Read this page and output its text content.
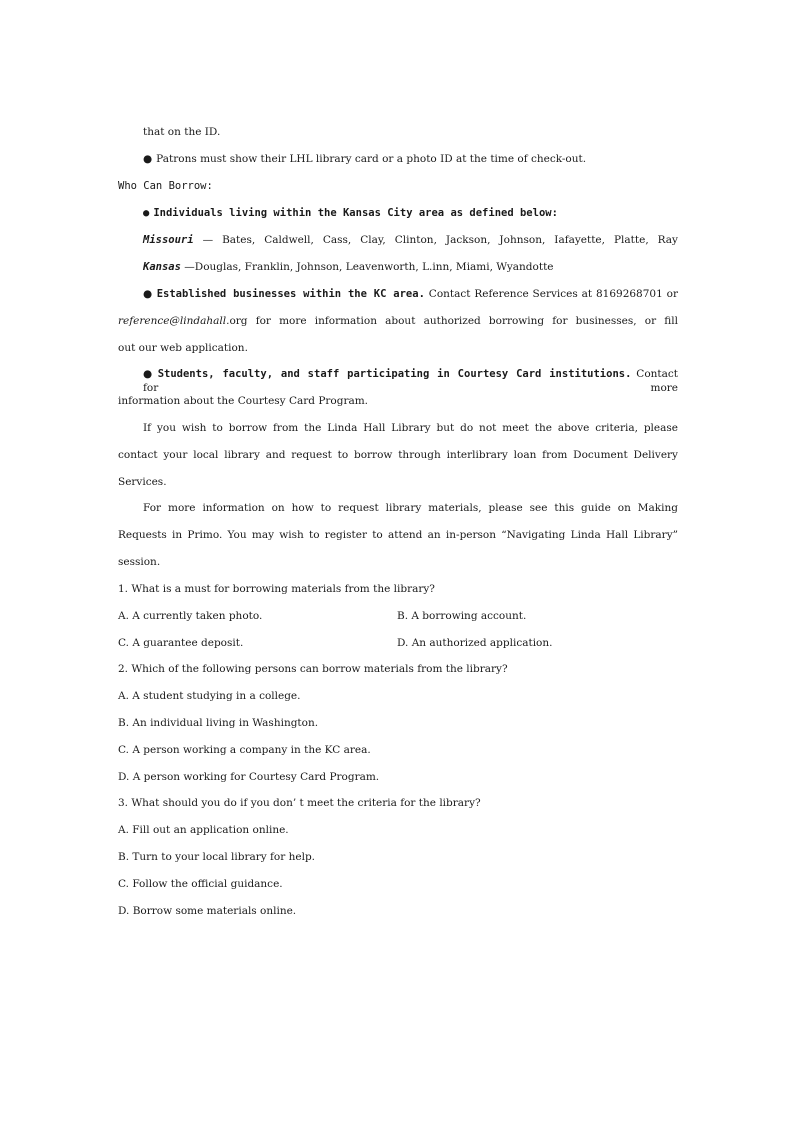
that on the ID.
● Patrons must show their LHL library card or a photo ID at the time of check-out.
Who Can Borrow:
● Individuals living within the Kansas City area as defined below:
Missouri — Bates, Caldwell, Cass, Clay, Clinton, Jackson, Johnson, Iafayette, Platte, Ray
Kansas —Douglas, Franklin, Johnson, Leavenworth, L.inn, Miami, Wyandotte
● Established businesses within the KC area. Contact Reference Services at 8169268701 or
reference@lindahall.org for more information about authorized borrowing for businesses, or fill
out our web application.
● Students, faculty, and staff participating in Courtesy Card institutions. Contact for more
information about the Courtesy Card Program.
If you wish to borrow from the Linda Hall Library but do not meet the above criteria, please
contact your local library and request to borrow through interlibrary loan from Document Delivery
Services.
For more information on how to request library materials, please see this guide on Making
Requests in Primo. You may wish to register to attend an in-person “Navigating Linda Hall Library”
session.
1. What is a must for borrowing materials from the library?
A. A currently taken photo.	B. A borrowing account.
C. A guarantee deposit.	D. An authorized application.
2. Which of the following persons can borrow materials from the library?
A. A student studying in a college.
B. An individual living in Washington.
C. A person working a company in the KC area.
D. A person working for Courtesy Card Program.
3. What should you do if you don’ t meet the criteria for the library?
A. Fill out an application online.
B. Turn to your local library for help.
C. Follow the official guidance.
D. Borrow some materials online.
